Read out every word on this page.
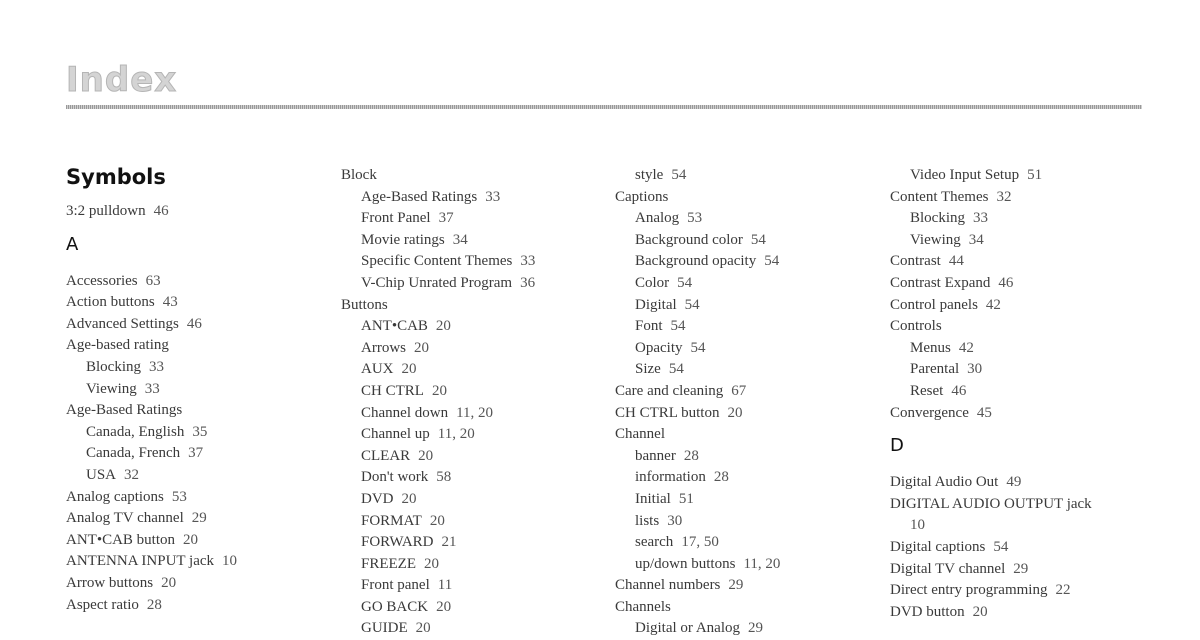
Index
Symbols
3:2 pulldown 46
A
Accessories 63
Action buttons 43
Advanced Settings 46
Age-based rating
Blocking 33
Viewing 33
Age-Based Ratings
Canada, English 35
Canada, French 37
USA 32
Analog captions 53
Analog TV channel 29
ANT•CAB button 20
ANTENNA INPUT jack 10
Arrow buttons 20
Aspect ratio 28
Block
Age-Based Ratings 33
Front Panel 37
Movie ratings 34
Specific Content Themes 33
V-Chip Unrated Program 36
Buttons
ANT•CAB 20
Arrows 20
AUX 20
CH CTRL 20
Channel down 11, 20
Channel up 11, 20
CLEAR 20
Don't work 58
DVD 20
FORMAT 20
FORWARD 21
FREEZE 20
Front panel 11
GO BACK 20
GUIDE 20
style 54
Captions
Analog 53
Background color 54
Background opacity 54
Color 54
Digital 54
Font 54
Opacity 54
Size 54
Care and cleaning 67
CH CTRL button 20
Channel
banner 28
information 28
Initial 51
lists 30
search 17, 50
up/down buttons 11, 20
Channel numbers 29
Channels
Digital or Analog 29
Video Input Setup 51
Content Themes 32
Blocking 33
Viewing 34
Contrast 44
Contrast Expand 46
Control panels 42
Controls
Menus 42
Parental 30
Reset 46
Convergence 45
D
Digital Audio Out 49
DIGITAL AUDIO OUTPUT jack
10
Digital captions 54
Digital TV channel 29
Direct entry programming 22
DVD button 20
